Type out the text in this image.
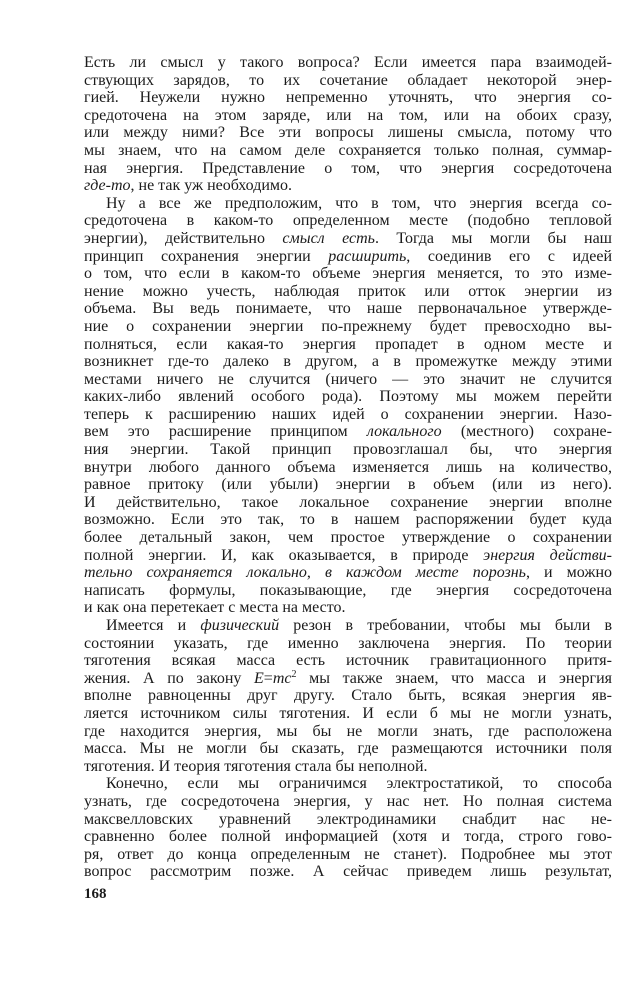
Есть ли смысл у такого вопроса? Если имеется пара взаимодей-
ствующих зарядов, то их сочетание обладает некоторой энер-
гией. Неужели нужно непременно уточнять, что энергия со-
средоточена на этом заряде, или на том, или на обоих сразу,
или между ними? Все эти вопросы лишены смысла, потому что
мы знаем, что на самом деле сохраняется только полная, суммар-
ная энергия. Представление о том, что энергия сосредоточена
где-то, не так уж необходимо.
Ну а все же предположим, что в том, что энергия всегда со-
средоточена в каком-то определенном месте (подобно тепловой
энергии), действительно смысл есть. Тогда мы могли бы наш
принцип сохранения энергии расширить, соединив его с идеей
о том, что если в каком-то объеме энергия меняется, то это изме-
нение можно учесть, наблюдая приток или отток энергии из
объема. Вы ведь понимаете, что наше первоначальное утвержде-
ние о сохранении энергии по-прежнему будет превосходно вы-
полняться, если какая-то энергия пропадет в одном месте и
возникнет где-то далеко в другом, а в промежутке между этими
местами ничего не случится (ничего — это значит не случится
каких-либо явлений особого рода). Поэтому мы можем перейти
теперь к расширению наших идей о сохранении энергии. Назо-
вем это расширение принципом локального (местного) сохране-
ния энергии. Такой принцип провозглашал бы, что энергия
внутри любого данного объема изменяется лишь на количество,
равное притоку (или убыли) энергии в объем (или из него).
И действительно, такое локальное сохранение энергии вполне
возможно. Если это так, то в нашем распоряжении будет куда
более детальный закон, чем простое утверждение о сохранении
полной энергии. И, как оказывается, в природе энергия действи-
тельно сохраняется локально, в каждом месте порознь, и можно
написать формулы, показывающие, где энергия сосредоточена
и как она перетекает с места на место.
Имеется и физический резон в требовании, чтобы мы были в
состоянии указать, где именно заключена энергия. По теории
тяготения всякая масса есть источник гравитационного притя-
жения. А по закону $E=mc^2$ мы также знаем, что масса и энергия
вполне равноценны друг другу. Стало быть, всякая энергия яв-
ляется источником силы тяготения. И если б мы не могли узнать,
где находится энергия, мы бы не могли знать, где расположена
масса. Мы не могли бы сказать, где размещаются источники поля
тяготения. И теория тяготения стала бы неполной.
Конечно, если мы ограничимся электростатикой, то способа
узнать, где сосредоточена энергия, у нас нет. Но полная система
максвелловских уравнений электродинамики снабдит нас не-
сравненно более полной информацией (хотя и тогда, строго гово-
ря, ответ до конца определенным не станет). Подробнее мы этот
вопрос рассмотрим позже. А сейчас приведем лишь результат,
168
